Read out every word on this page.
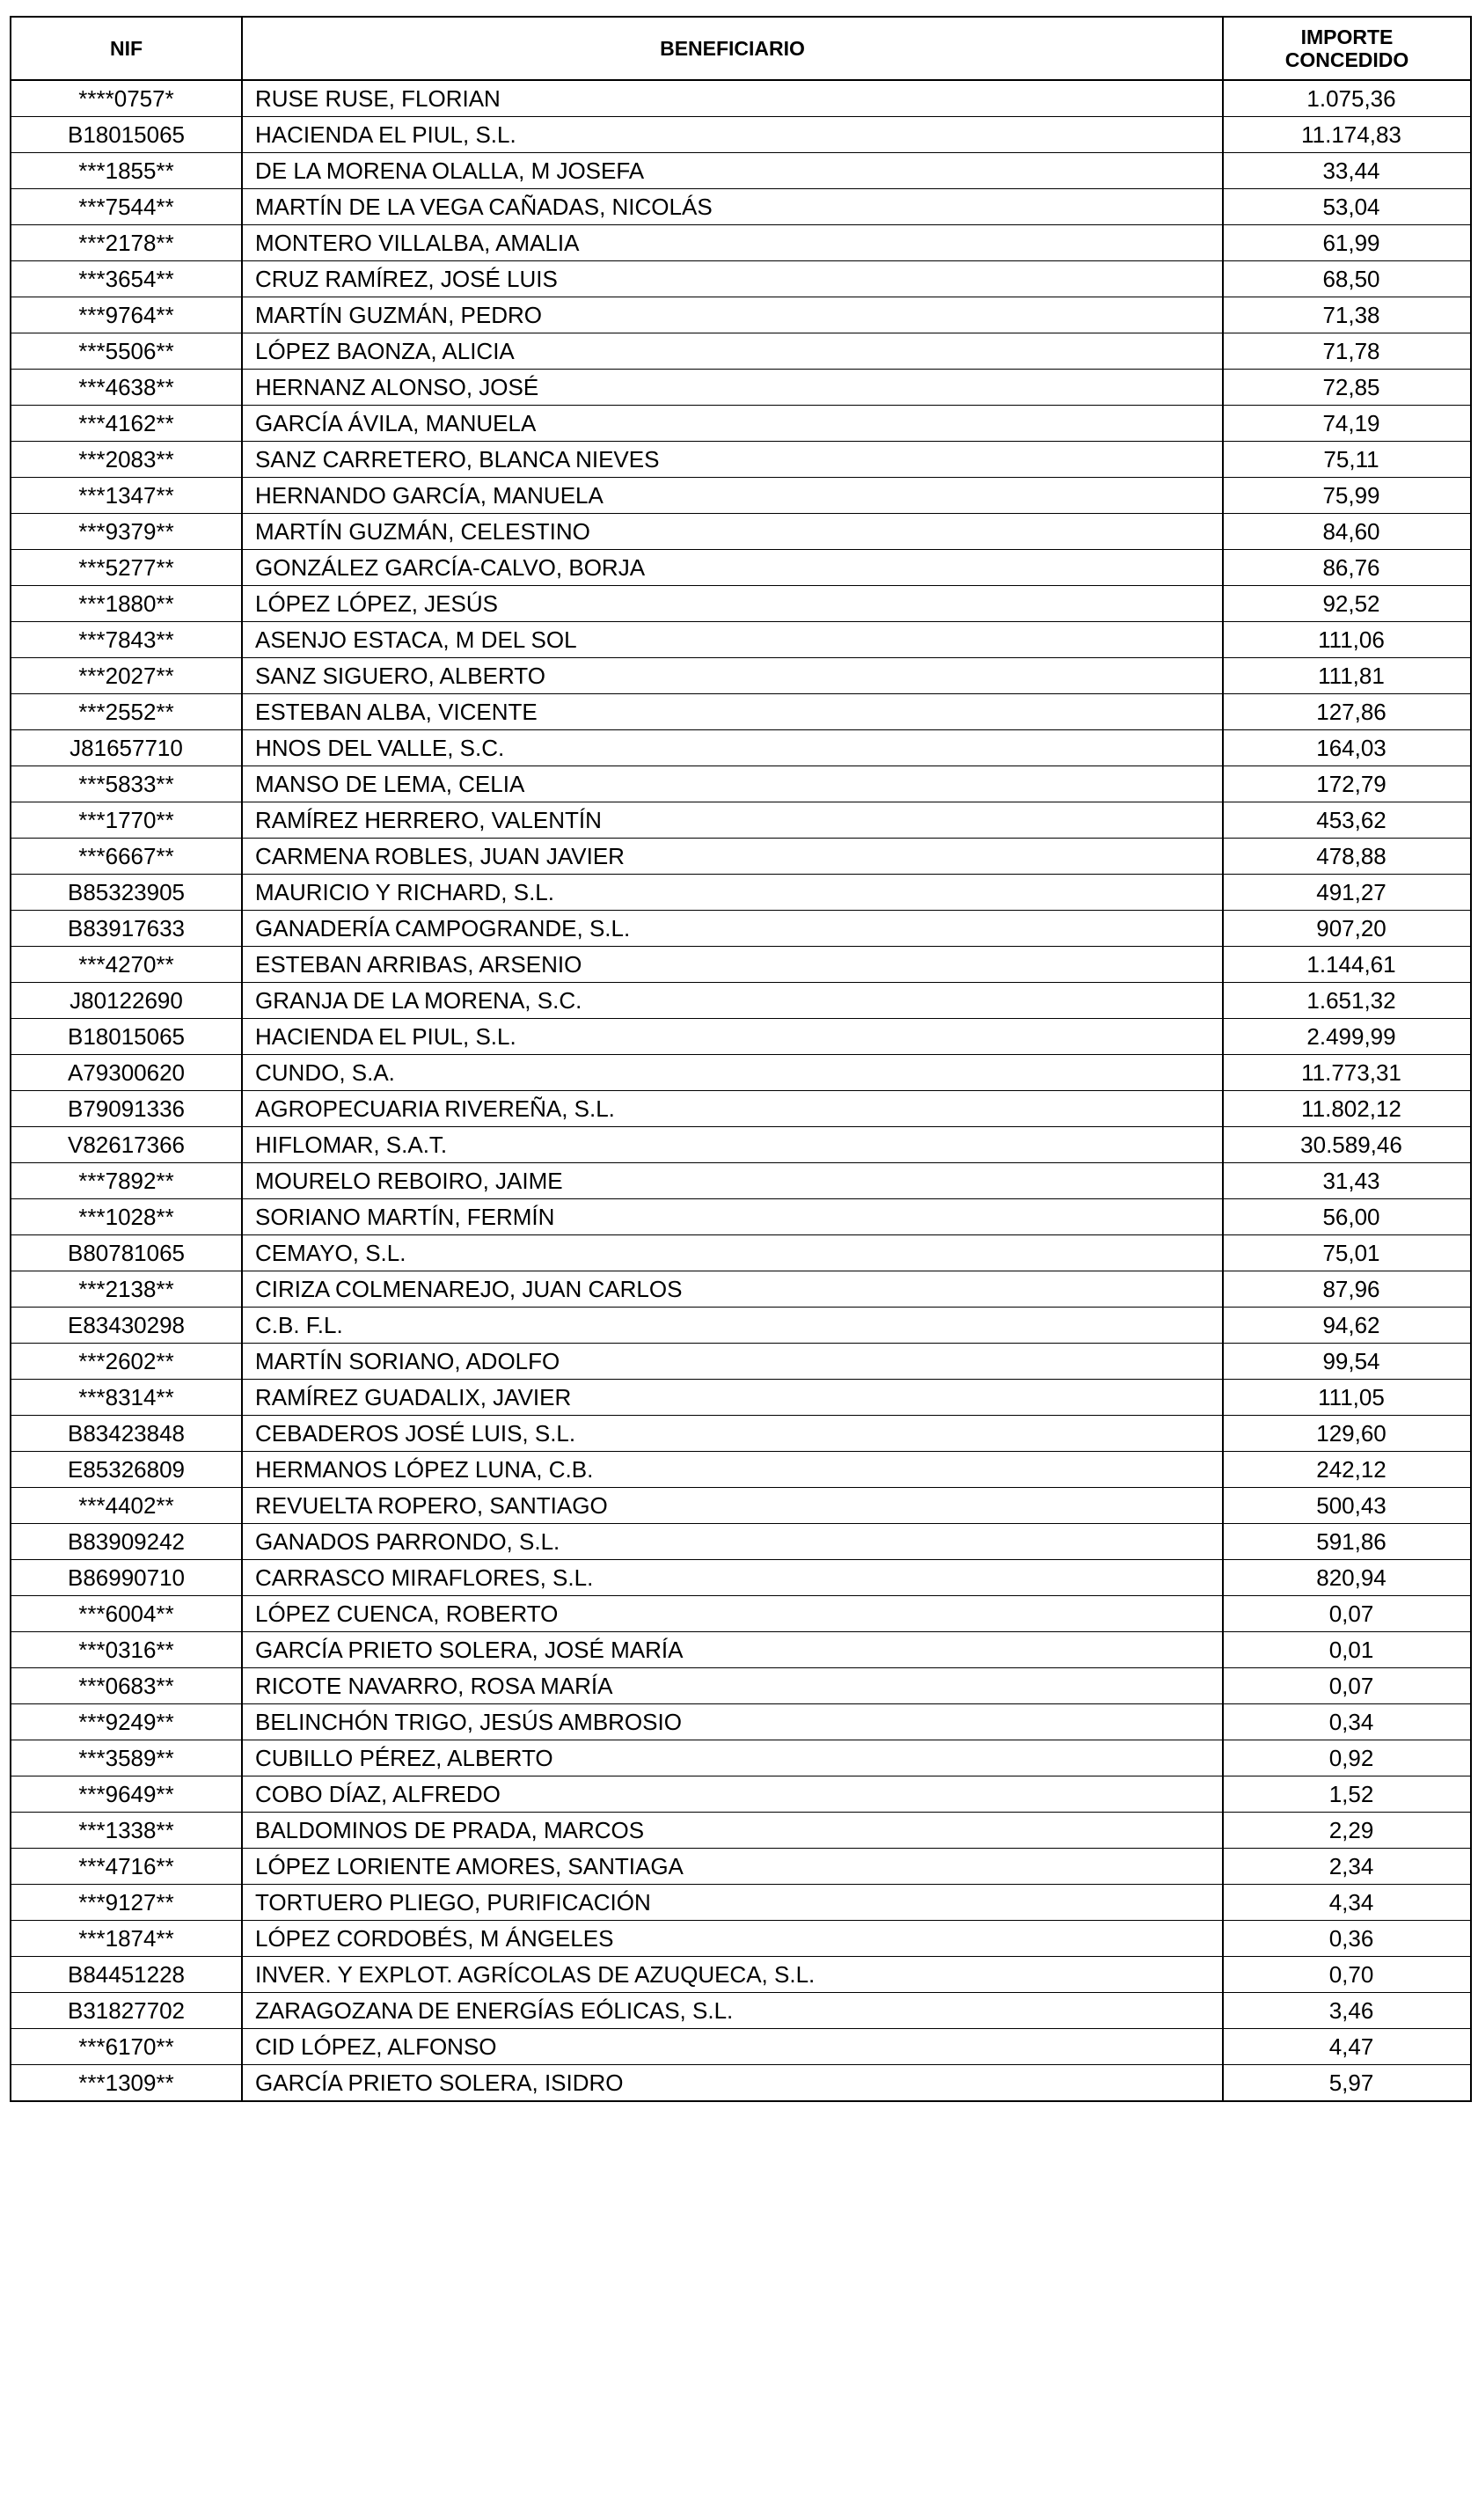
NIF	BENEFICIARIO	IMPORTE
CONCEDIDO

****0757*	RUSE RUSE, FLORIAN	1.075,36
B18015065	HACIENDA EL PIUL, S.L.	11.174,83
***1855**	DE LA MORENA OLALLA, M JOSEFA	33,44
***7544**	MARTÍN DE LA VEGA CAÑADAS, NICOLÁS	53,04
***2178**	MONTERO VILLALBA, AMALIA	61,99
***3654**	CRUZ RAMÍREZ, JOSÉ LUIS	68,50
***9764**	MARTÍN GUZMÁN, PEDRO	71,38
***5506**	LÓPEZ BAONZA, ALICIA	71,78
***4638**	HERNANZ ALONSO, JOSÉ	72,85
***4162**	GARCÍA ÁVILA, MANUELA	74,19
***2083**	SANZ CARRETERO, BLANCA NIEVES	75,11
***1347**	HERNANDO GARCÍA, MANUELA	75,99
***9379**	MARTÍN GUZMÁN, CELESTINO	84,60
***5277**	GONZÁLEZ GARCÍA-CALVO, BORJA	86,76
***1880**	LÓPEZ LÓPEZ, JESÚS	92,52
***7843**	ASENJO ESTACA, M DEL SOL	111,06
***2027**	SANZ SIGUERO, ALBERTO	111,81
***2552**	ESTEBAN ALBA, VICENTE	127,86
J81657710	HNOS DEL VALLE, S.C.	164,03
***5833**	MANSO DE LEMA, CELIA	172,79
***1770**	RAMÍREZ HERRERO, VALENTÍN	453,62
***6667**	CARMENA ROBLES, JUAN JAVIER	478,88
B85323905	MAURICIO Y RICHARD, S.L.	491,27
B83917633	GANADERÍA CAMPOGRANDE, S.L.	907,20
***4270**	ESTEBAN ARRIBAS, ARSENIO	1.144,61
J80122690	GRANJA DE LA MORENA, S.C.	1.651,32
B18015065	HACIENDA EL PIUL, S.L.	2.499,99
A79300620	CUNDO, S.A.	11.773,31
B79091336	AGROPECUARIA RIVEREÑA, S.L.	11.802,12
V82617366	HIFLOMAR, S.A.T.	30.589,46
***7892**	MOURELO REBOIRO, JAIME	31,43
***1028**	SORIANO MARTÍN, FERMÍN	56,00
B80781065	CEMAYO, S.L.	75,01
***2138**	CIRIZA COLMENAREJO, JUAN CARLOS	87,96
E83430298	C.B. F.L.	94,62
***2602**	MARTÍN SORIANO, ADOLFO	99,54
***8314**	RAMÍREZ GUADALIX, JAVIER	111,05
B83423848	CEBADEROS JOSÉ LUIS, S.L.	129,60
E85326809	HERMANOS LÓPEZ LUNA, C.B.	242,12
***4402**	REVUELTA ROPERO, SANTIAGO	500,43
B83909242	GANADOS PARRONDO, S.L.	591,86
B86990710	CARRASCO MIRAFLORES, S.L.	820,94
***6004**	LÓPEZ CUENCA, ROBERTO	0,07
***0316**	GARCÍA PRIETO SOLERA, JOSÉ MARÍA	0,01
***0683**	RICOTE NAVARRO, ROSA MARÍA	0,07
***9249**	BELINCHÓN TRIGO, JESÚS AMBROSIO	0,34
***3589**	CUBILLO PÉREZ, ALBERTO	0,92
***9649**	COBO DÍAZ, ALFREDO	1,52
***1338**	BALDOMINOS DE PRADA, MARCOS	2,29
***4716**	LÓPEZ LORIENTE AMORES, SANTIAGA	2,34
***9127**	TORTUERO PLIEGO, PURIFICACIÓN	4,34
***1874**	LÓPEZ CORDOBÉS, M ÁNGELES	0,36
B84451228	INVER. Y EXPLOT. AGRÍCOLAS DE AZUQUECA, S.L.	0,70
B31827702	ZARAGOZANA DE ENERGÍAS EÓLICAS, S.L.	3,46
***6170**	CID LÓPEZ, ALFONSO	4,47
***1309**	GARCÍA PRIETO SOLERA, ISIDRO	5,97
